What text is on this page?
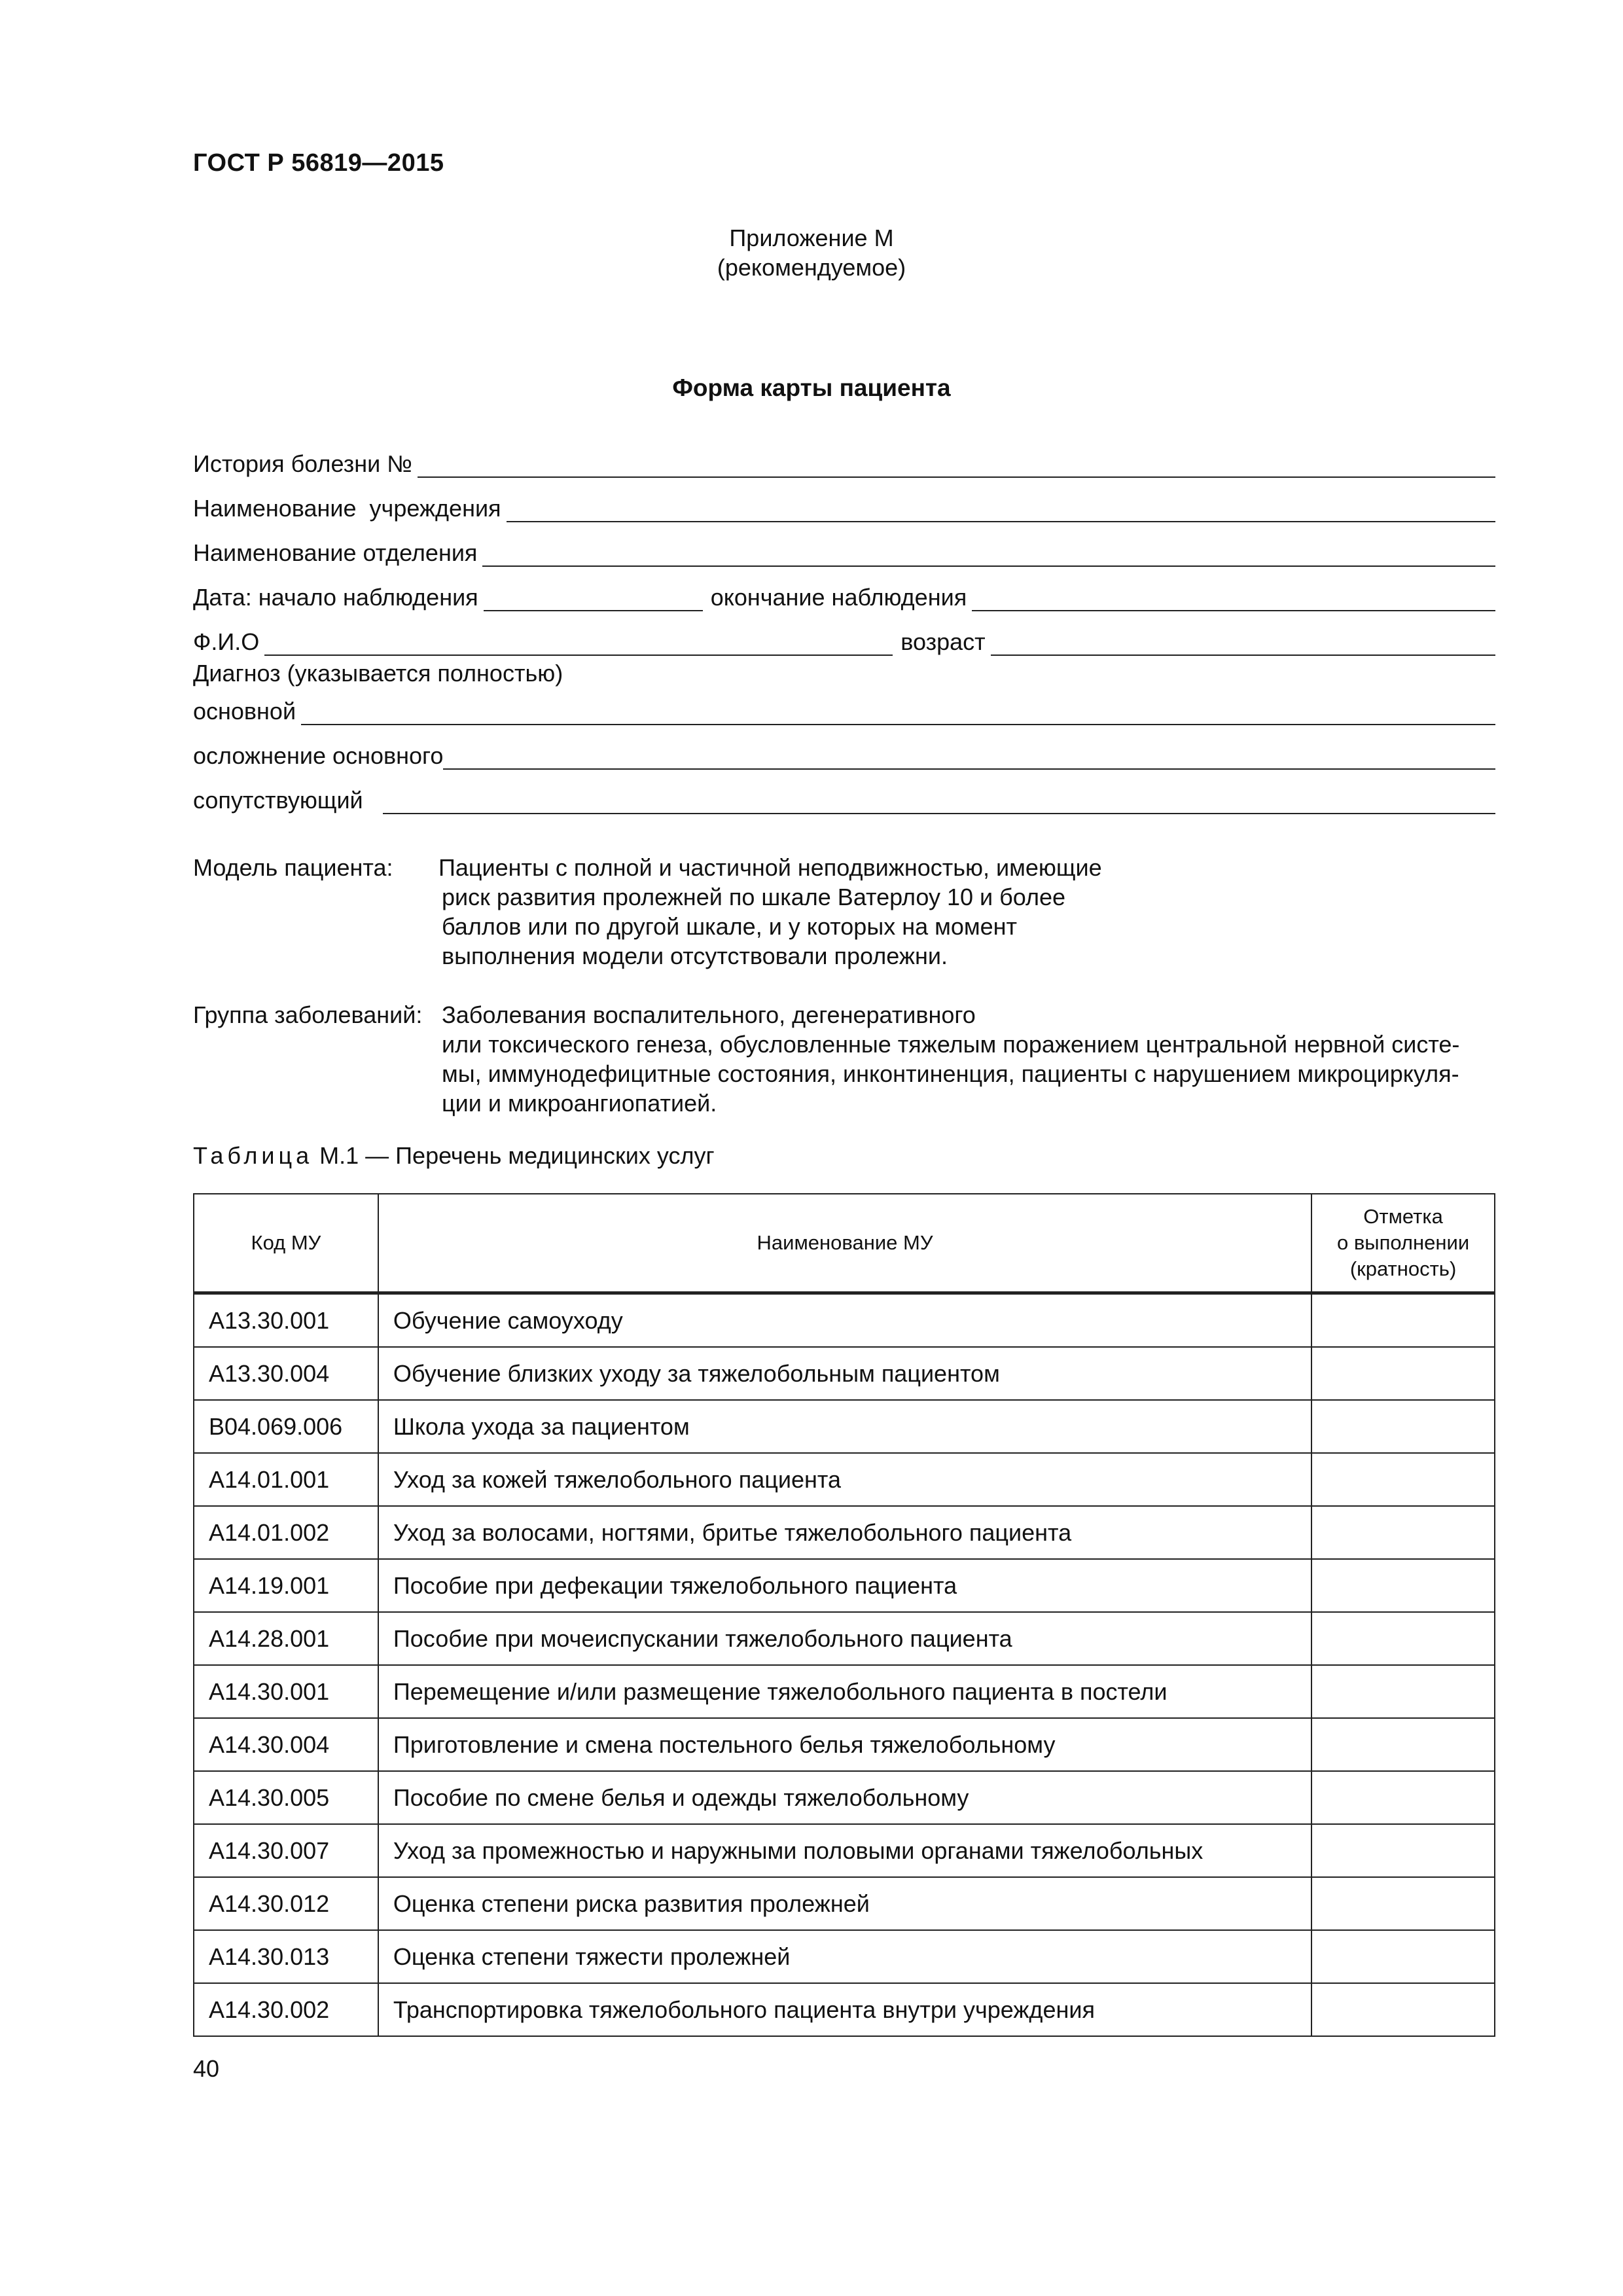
ГОСТ Р 56819—2015
Приложение М
(рекомендуемое)
Форма карты пациента
История болезни №
Наименование  учреждения
Наименование отделения
Дата: начало наблюдения	окончание наблюдения
Ф.И.О	возраст
Диагноз (указывается полностью)
основной
осложнение основного
сопутствующий
Модель пациента: Пациенты с полной и частичной неподвижностью, имеющие
риск развития пролежней по шкале Ватерлоу 10 и более
баллов или по другой шкале, и у которых на момент
выполнения модели отсутствовали пролежни.
Группа заболеваний: Заболевания воспалительного, дегенеративного
или токсического генеза, обусловленные тяжелым поражением центральной нервной систе-
мы, иммунодефицитные состояния, инконтиненция, пациенты с нарушением микроциркуля-
ции и микроангиопатией.
Таблица М.1 — Перечень медицинских услуг
Код МУ	Наименование МУ	Отметка
о выполнении
(кратность)

A13.30.001	Обучение самоуходу	
A13.30.004	Обучение близких уходу за тяжелобольным пациентом	
B04.069.006	Школа ухода за пациентом	
A14.01.001	Уход за кожей тяжелобольного пациента	
A14.01.002	Уход за волосами, ногтями, бритье тяжелобольного пациента	
A14.19.001	Пособие при дефекации тяжелобольного пациента	
A14.28.001	Пособие при мочеиспускании тяжелобольного пациента	
A14.30.001	Перемещение и/или размещение тяжелобольного пациента в постели	
A14.30.004	Приготовление и смена постельного белья тяжелобольному	
A14.30.005	Пособие по смене белья и одежды тяжелобольному	
A14.30.007	Уход за промежностью и наружными половыми органами тяжелобольных	
A14.30.012	Оценка степени риска развития пролежней	
A14.30.013	Оценка степени тяжести пролежней	
A14.30.002	Транспортировка тяжелобольного пациента внутри учреждения	
40
